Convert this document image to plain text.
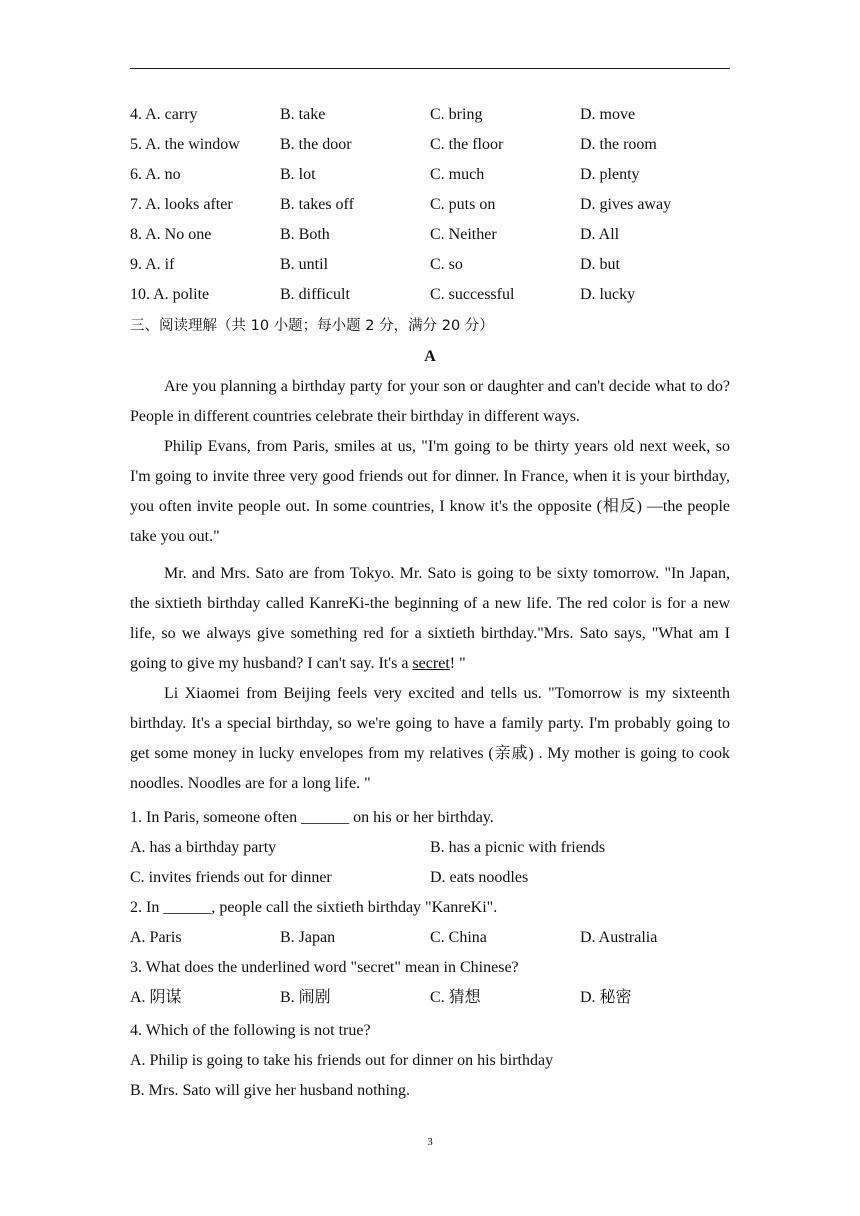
4. A. carry	B. take	C. bring	D. move
5. A. the window	B. the door	C. the floor	D. the room
6. A. no	B. lot	C. much	D. plenty
7. A. looks after	B. takes off	C. puts on	D. gives away
8. A. No one	B. Both	C. Neither	D. All
9. A. if	B. until	C. so	D. but
10. A. polite	B. difficult	C. successful	D. lucky
三、阅读理解（共 10 小题；每小题 2 分，满分 20 分）
A
Are you planning a birthday party for your son or daughter and can't decide what to do? People in different countries celebrate their birthday in different ways.
Philip Evans, from Paris, smiles at us, "I'm going to be thirty years old next week, so I'm going to invite three very good friends out for dinner. In France, when it is your birthday, you often invite people out. In some countries, I know it's the opposite (相反) —the people take you out."
Mr. and Mrs. Sato are from Tokyo. Mr. Sato is going to be sixty tomorrow. "In Japan, the sixtieth birthday called KanreKi-the beginning of a new life. The red color is for a new life, so we always give something red for a sixtieth birthday."Mrs. Sato says, "What am I going to give my husband? I can't say. It's a secret! "
Li Xiaomei from Beijing feels very excited and tells us. "Tomorrow is my sixteenth birthday. It's a special birthday, so we're going to have a family party. I'm probably going to get some money in lucky envelopes from my relatives (亲戚) . My mother is going to cook noodles. Noodles are for a long life. "
1. In Paris, someone often ______ on his or her birthday.
A. has a birthday party	B. has a picnic with friends
C. invites friends out for dinner	D. eats noodles
2. In ______, people call the sixtieth birthday "KanreKi".
A. Paris	B. Japan	C. China	D. Australia
3. What does the underlined word "secret" mean in Chinese?
A. 阴谋	B. 闹剧	C. 猜想	D. 秘密
4. Which of the following is not true?
A. Philip is going to take his friends out for dinner on his birthday
B. Mrs. Sato will give her husband nothing.
3
